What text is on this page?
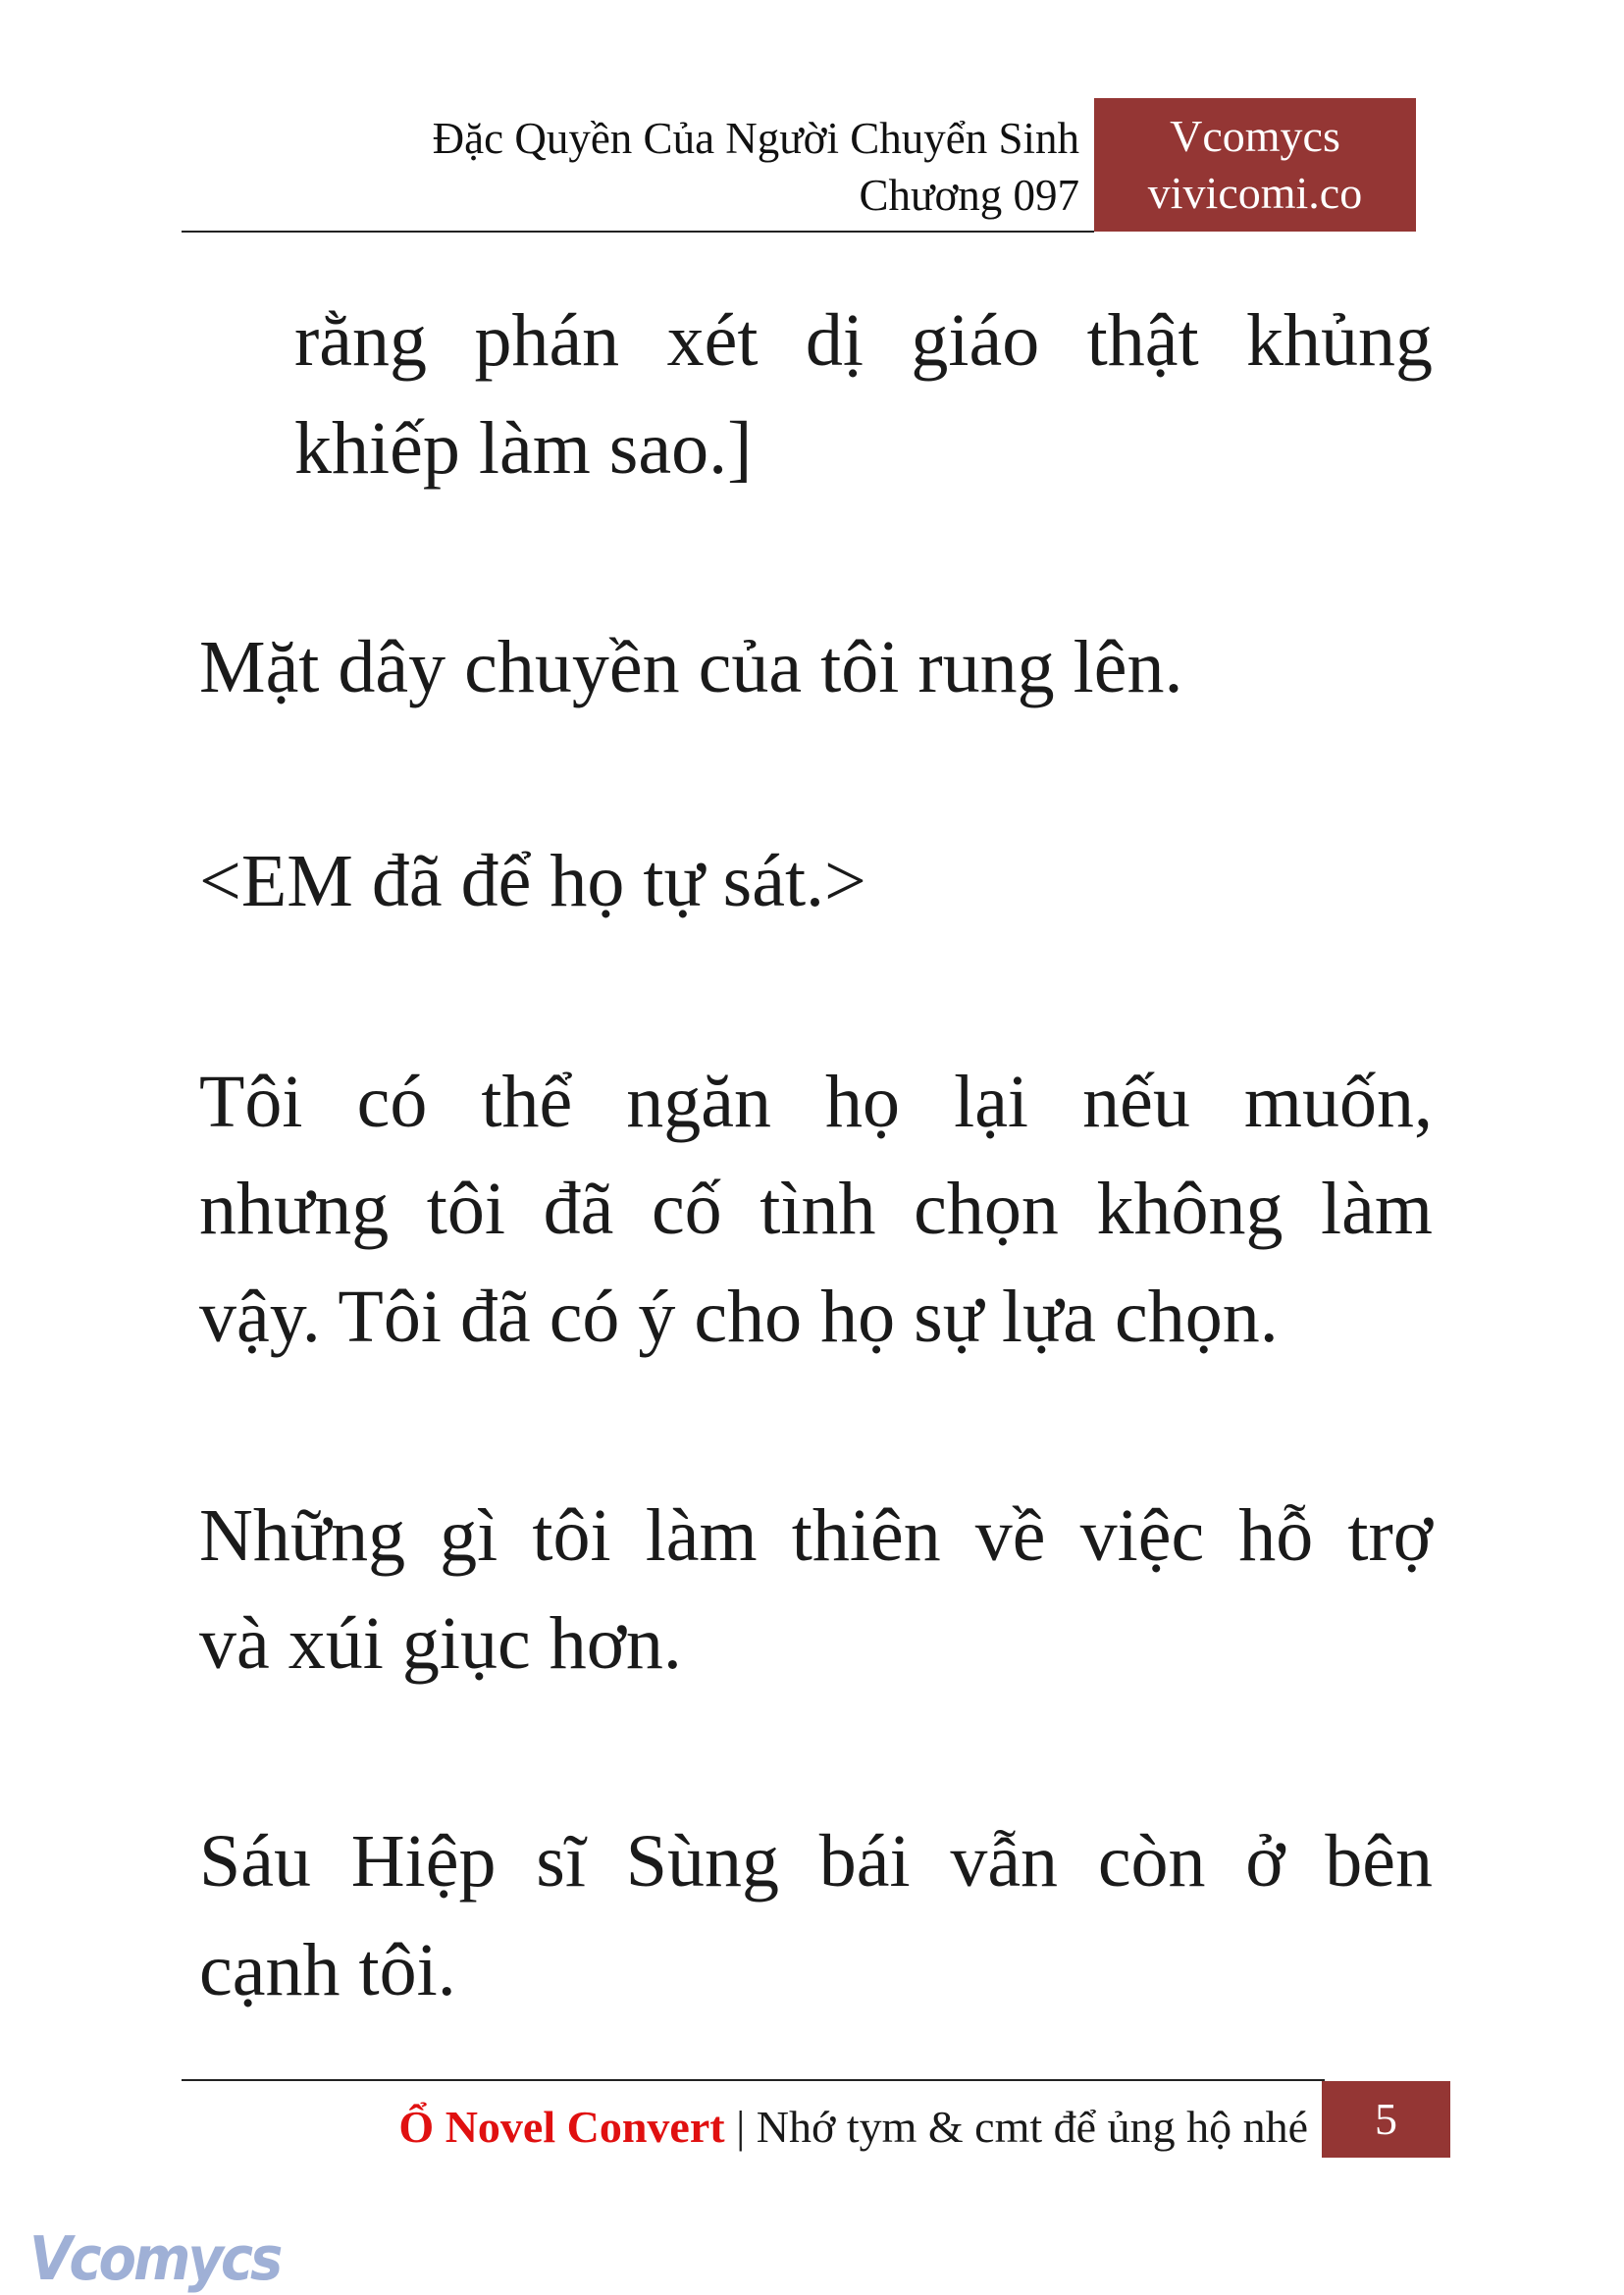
Đặc Quyền Của Người Chuyển Sinh
Chương 097
Vcomycs
vivicomi.co
rằng phán xét dị giáo thật khủng
khiếp làm sao.]
Mặt dây chuyền của tôi rung lên.
<EM đã để họ tự sát.>
Tôi có thể ngăn họ lại nếu muốn,
nhưng tôi đã cố tình chọn không làm
vậy. Tôi đã có ý cho họ sự lựa chọn.
Những gì tôi làm thiên về việc hỗ trợ
và xúi giục hơn.
Sáu Hiệp sĩ Sùng bái vẫn còn ở bên
cạnh tôi.
Ổ Novel Convert | Nhớ tym & cmt để ủng hộ nhé	5
Vcomycs
